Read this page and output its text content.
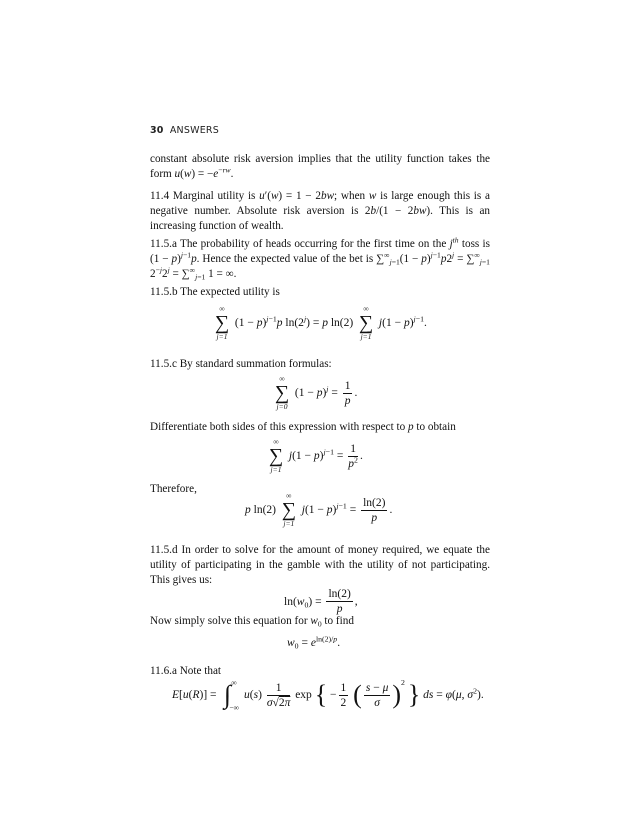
30 ANSWERS
constant absolute risk aversion implies that the utility function takes the form $u(w) = -e^{-rw}$.
11.4 Marginal utility is u′(w) = 1 − 2bw; when w is large enough this is a negative number. Absolute risk aversion is 2b/(1 − 2bw). This is an increasing function of wealth.
11.5.a The probability of heads occurring for the first time on the $j^{th}$ toss is $(1 - p)^{j-1}p$. Hence the expected value of the bet is $\sum^\infty_{j=1}(1 - p)^{j-1}p2^j = \sum^\infty_{j=1}$ $2^{-j}2^j = \sum^\infty_{j=1}$ 1 = ∞.
11.5.b The expected utility is
∞
∑
j=1
$(1 - p)^{j-1}p$ $\ln(2^j) = p$ ln(2)
∞
∑
j=1
$j(1 - p)^{j-1}$.
11.5.c By standard summation formulas:
∞
∑
j=0
$(1 - p)^j = \frac{1}{p}$ .
Differentiate both sides of this expression with respect to p to obtain
∞
∑
j=1
$j(1 - p)^{j-1} = \frac{1}{p^2}$ .
Therefore,
p ln(2)
∞
∑
j=1
$j(1 - p)^{j-1} = \frac{\ln(2)}{p}$ .
11.5.d In order to solve for the amount of money required, we equate the utility of participating in the gamble with the utility of not participating. This gives us:
$\ln(w_0) = \frac{\ln(2)}{p}$ ,
Now simply solve this equation for $w_0$ to find
$w_0 = e^{ln(2)/p}$.
11.6.a Note that
E[u(R)] =
∞
∫
−∞
$u(s) \frac{1}{\sigma√2\pi}$ exp { − $\frac{1}{2}$ ( $\frac{s - \mu}{\sigma} )^2$ } ds = φ(μ, $\sigma^2$).
